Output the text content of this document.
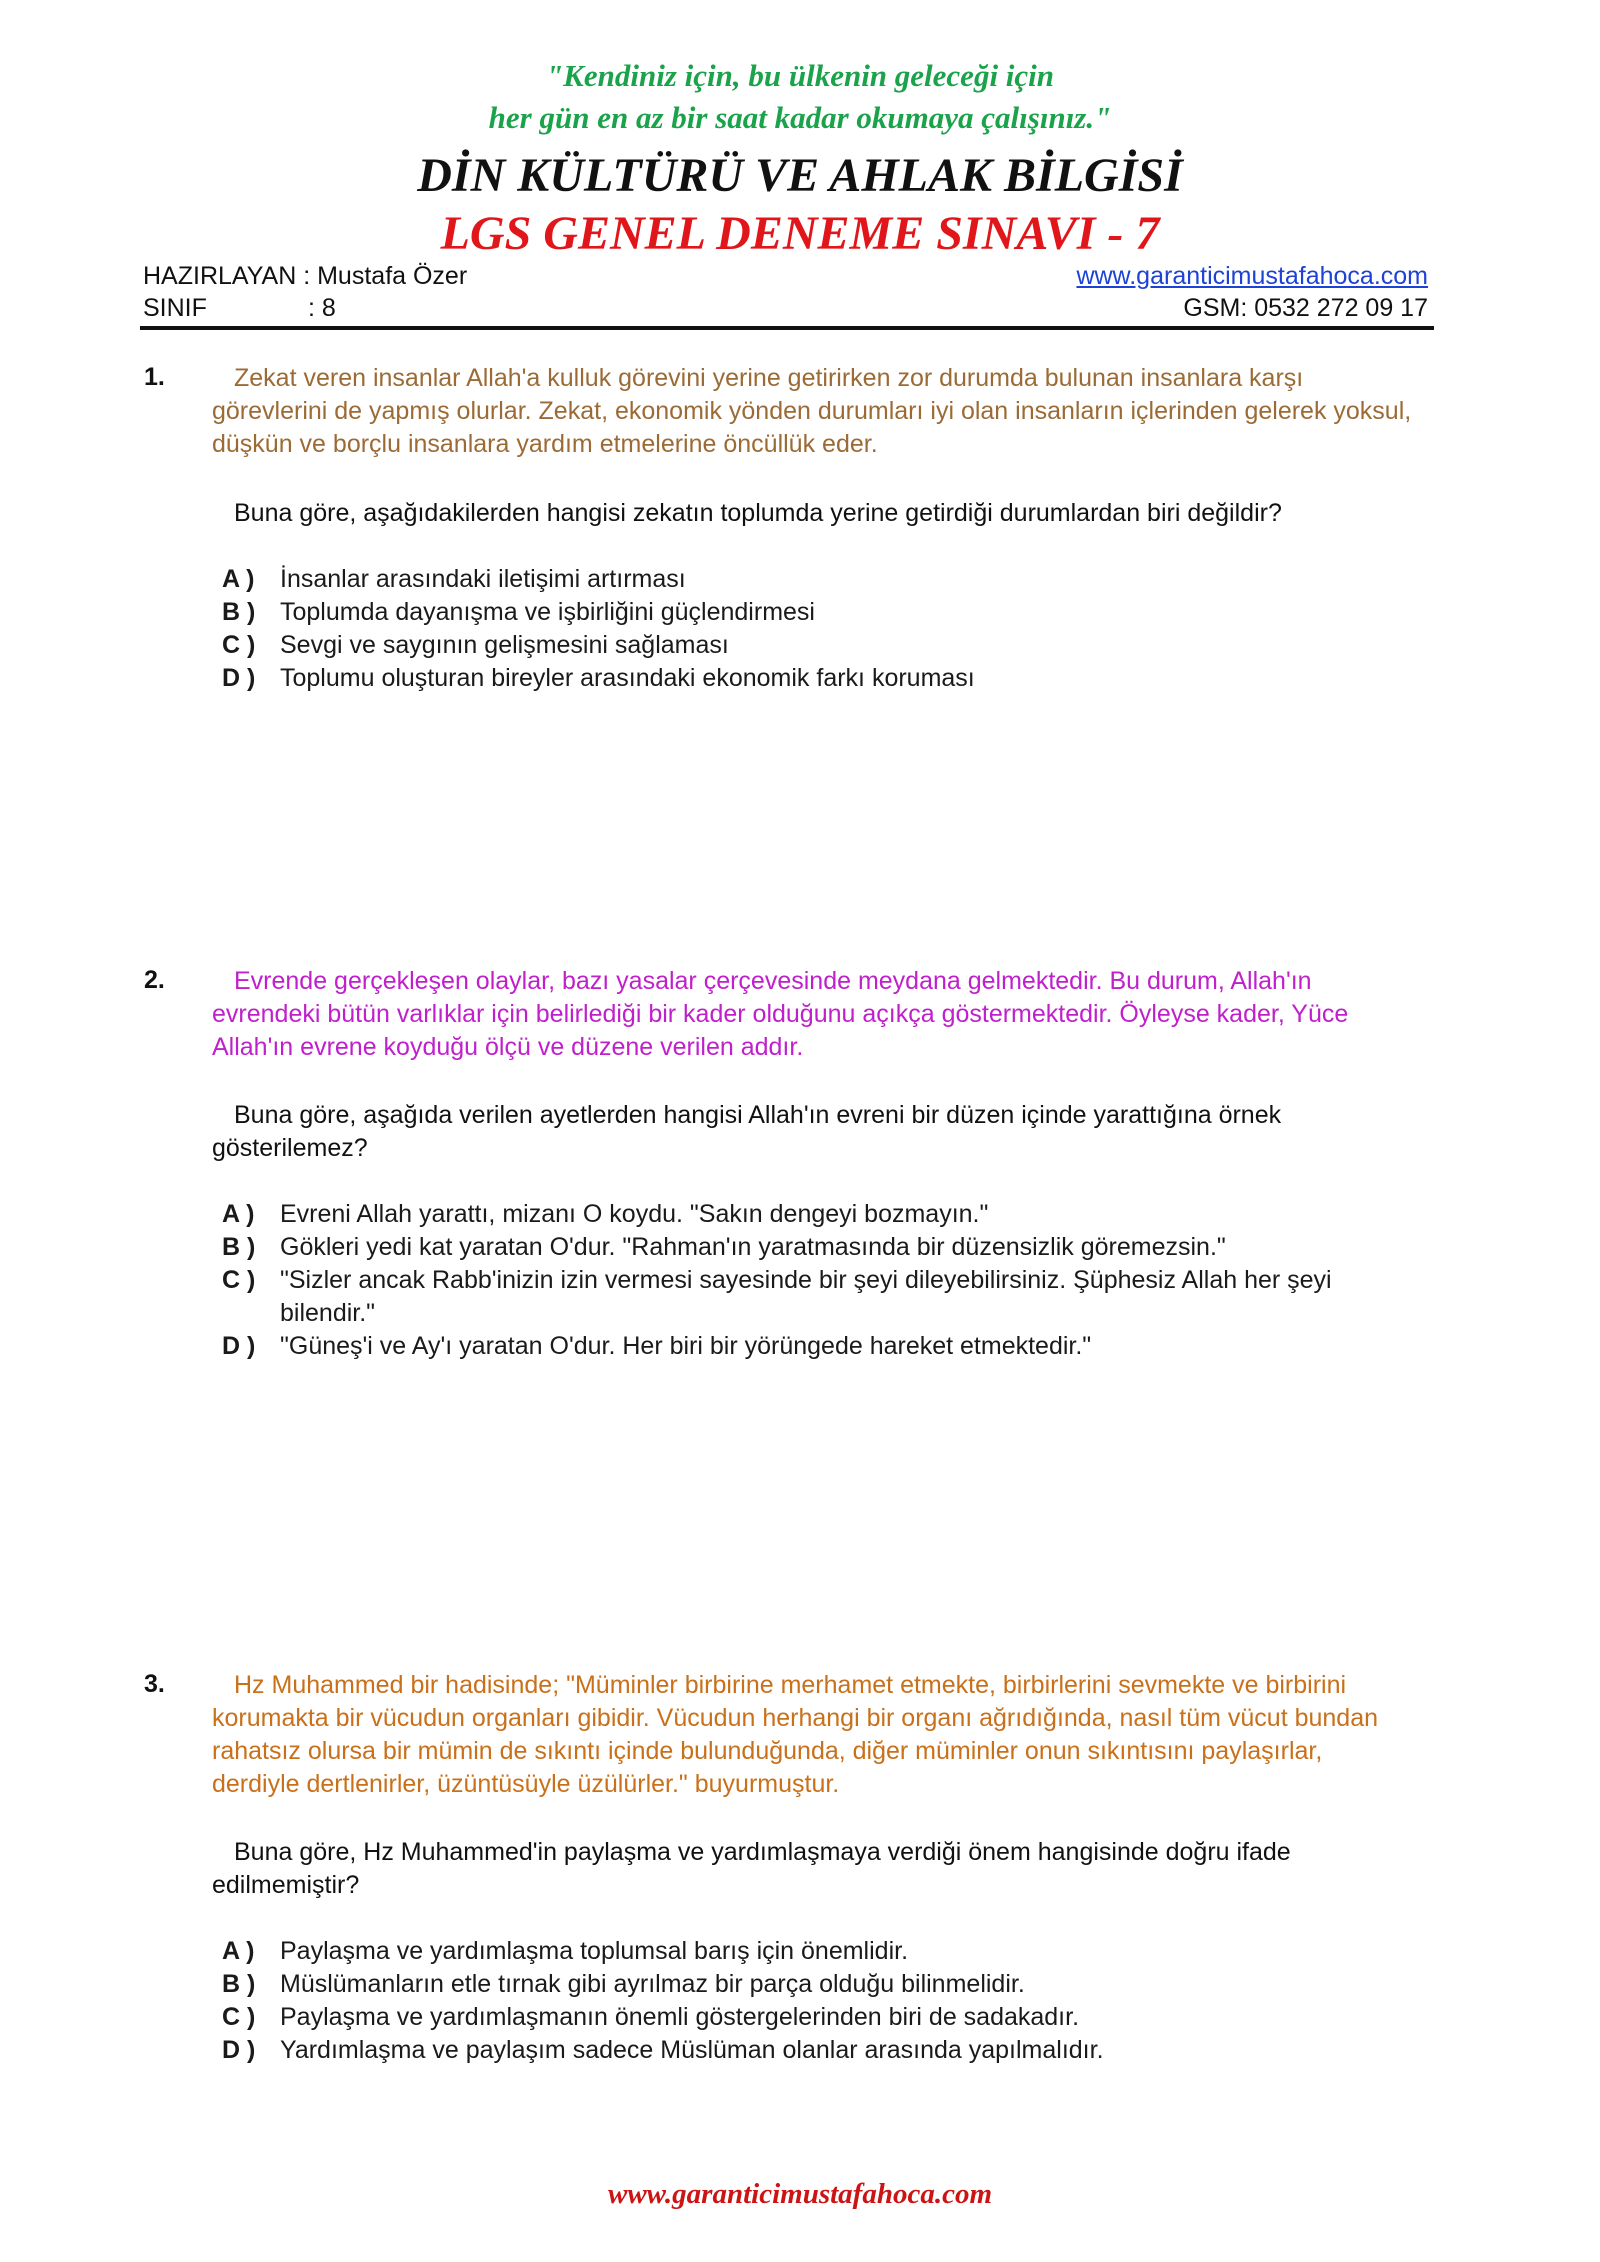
"Kendiniz için, bu ülkenin geleceği için
her gün en az bir saat kadar okumaya çalışınız."
DİN KÜLTÜRÜ VE AHLAK BİLGİSİ
LGS GENEL DENEME SINAVI - 7
HAZIRLAYAN : Mustafa Özer	www.garanticimustafahoca.com
SINIF	: 8	GSM: 0532 272 09 17
1.	Zekat veren insanlar Allah'a kulluk görevini yerine getirirken zor durumda bulunan insanlara karşı görevlerini de yapmış olurlar. Zekat, ekonomik yönden durumları iyi olan insanların içlerinden gelerek yoksul, düşkün ve borçlu insanlara yardım etmelerine öncüllük eder.
Buna göre, aşağıdakilerden hangisi zekatın toplumda yerine getirdiği durumlardan biri değildir?
A )	İnsanlar arasındaki iletişimi artırması
B ) Toplumda dayanışma ve işbirliğini güçlendirmesi
C ) Sevgi ve saygının gelişmesini sağlaması
D ) Toplumu oluşturan bireyler arasındaki ekonomik farkı koruması
2.	Evrende gerçekleşen olaylar, bazı yasalar çerçevesinde meydana gelmektedir. Bu durum, Allah'ın evrendeki bütün varlıklar için belirlediği bir kader olduğunu açıkça göstermektedir. Öyleyse kader, Yüce Allah'ın evrene koyduğu ölçü ve düzene verilen addır.
Buna göre, aşağıda verilen ayetlerden hangisi Allah'ın evreni bir düzen içinde yarattığına örnek gösterilemez?
A )	Evreni Allah yarattı, mizanı O koydu. "Sakın dengeyi bozmayın."
B ) Gökleri yedi kat yaratan O'dur. "Rahman'ın yaratmasında bir düzensizlik göremezsin."
C ) "Sizler ancak Rabb'inizin izin vermesi sayesinde bir şeyi dileyebilirsiniz. Şüphesiz Allah her şeyi bilendir."
D ) "Güneş'i ve Ay'ı yaratan O'dur. Her biri bir yörüngede hareket etmektedir."
3.	Hz Muhammed bir hadisinde; "Müminler birbirine merhamet etmekte, birbirlerini sevmekte ve birbirini korumakta bir vücudun organları gibidir. Vücudun herhangi bir organı ağrıdığında, nasıl tüm vücut bundan rahatsız olursa bir mümin de sıkıntı içinde bulunduğunda, diğer müminler onun sıkıntısını paylaşırlar, derdiyle dertlenirler, üzüntüsüyle üzülürler." buyurmuştur.
Buna göre, Hz Muhammed'in paylaşma ve yardımlaşmaya verdiği önem hangisinde doğru ifade edilmemiştir?
A )	Paylaşma ve yardımlaşma toplumsal barış için önemlidir.
B ) Müslümanların etle tırnak gibi ayrılmaz bir parça olduğu bilinmelidir.
C ) Paylaşma ve yardımlaşmanın önemli göstergelerinden biri de sadakadır.
D ) Yardımlaşma ve paylaşım sadece Müslüman olanlar arasında yapılmalıdır.
www.garanticimustafahoca.com
